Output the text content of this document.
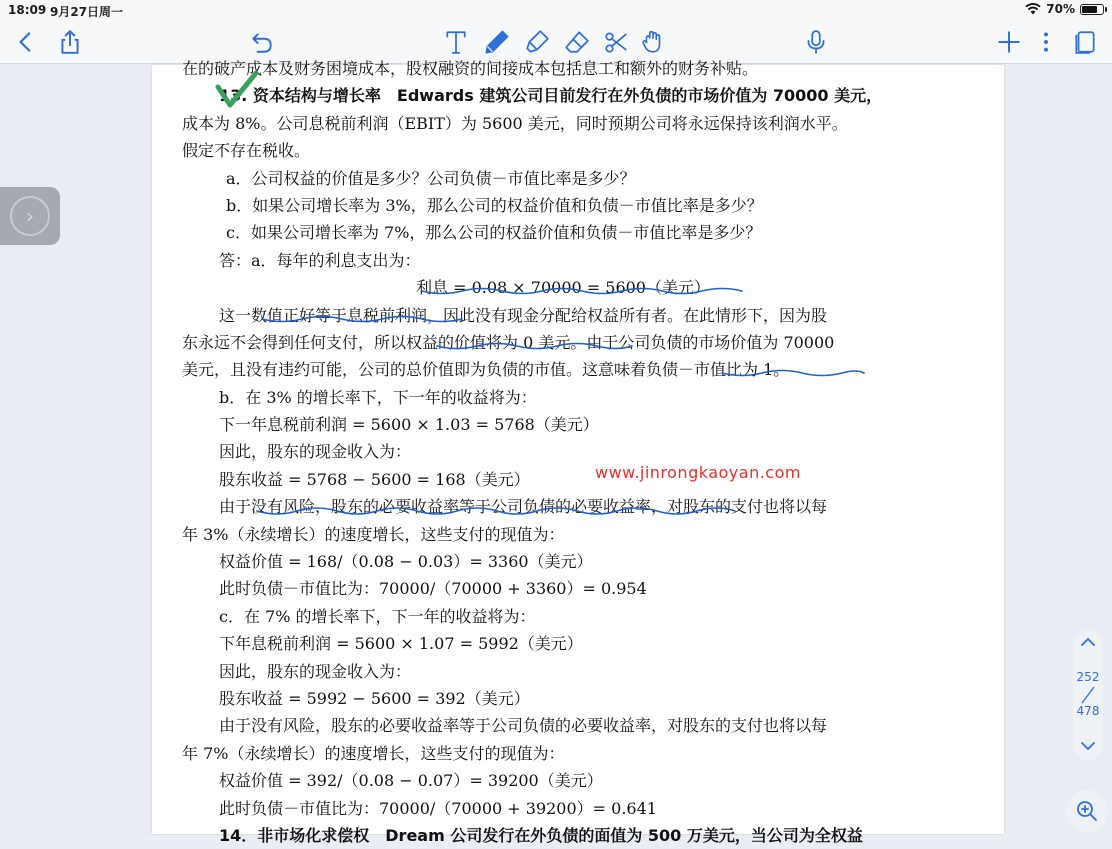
18:09 9月27日周一	70%
在的破产成本及财务困境成本，股权融资的间接成本包括息工和额外的财务补贴。
13. 资本结构与增长率　Edwards 建筑公司目前发行在外负债的市场价值为 70000 美元，
成本为 8%。公司息税前利润（EBIT）为 5600 美元，同时预期公司将永远保持该利润水平。
假定不存在税收。
a．公司权益的价值是多少？公司负债－市值比率是多少？
b．如果公司增长率为 3%，那么公司的权益价值和负债－市值比率是多少？
c．如果公司增长率为 7%，那么公司的权益价值和负债－市值比率是多少？
答：a．每年的利息支出为：
利息 = 0.08 × 70000 = 5600（美元）
这一数值正好等于息税前利润，因此没有现金分配给权益所有者。在此情形下，因为股
东永远不会得到任何支付，所以权益的价值将为 0 美元。由于公司负债的市场价值为 70000
美元，且没有违约可能，公司的总价值即为负债的市值。这意味着负债－市值比为 1。
b．在 3% 的增长率下，下一年的收益将为：
下一年息税前利润 = 5600 × 1.03 = 5768（美元）
因此，股东的现金收入为：
股东收益 = 5768 − 5600 = 168（美元）
由于没有风险，股东的必要收益率等于公司负债的必要收益率，对股东的支付也将以每
年 3%（永续增长）的速度增长，这些支付的现值为：
权益价值 = 168/（0.08 − 0.03）= 3360（美元）
此时负债－市值比为：70000/（70000 + 3360）= 0.954
c．在 7% 的增长率下，下一年的收益将为：
下年息税前利润 = 5600 × 1.07 = 5992（美元）
因此，股东的现金收入为：
股东收益 = 5992 − 5600 = 392（美元）
由于没有风险，股东的必要收益率等于公司负债的必要收益率，对股东的支付也将以每
年 7%（永续增长）的速度增长，这些支付的现值为：
权益价值 = 392/（0.08 − 0.07）= 39200（美元）
此时负债－市值比为：70000/（70000 + 39200）= 0.641
14．非市场化求偿权　Dream 公司发行在外负债的面值为 500 万美元，当公司为全权益
www.jinrongkaoyan.com
›
252
478
